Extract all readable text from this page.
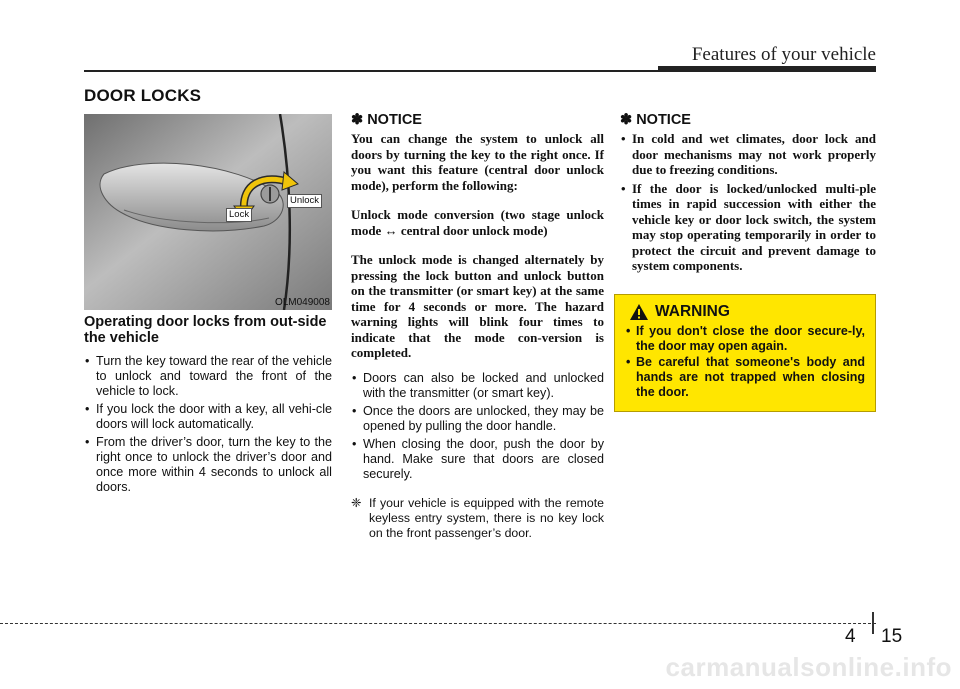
Features of your vehicle
DOOR LOCKS
Lock
Unlock
OLM049008
Operating door locks from out-side the vehicle
• Turn the key toward the rear of the vehicle to unlock and toward the front of the vehicle to lock.
• If you lock the door with a key, all vehi-cle doors will lock automatically.
• From the driver’s door, turn the key to the right once to unlock the driver’s door and once more within 4 seconds to unlock all doors.
✽ NOTICE
You can change the system to unlock all doors by turning the key to the right once. If you want this feature (central door unlock mode), perform the following:
Unlock mode conversion (two stage unlock mode ↔ central door unlock mode)
The unlock mode is changed alternately by pressing the lock button and unlock button on the transmitter (or smart key) at the same time for 4 seconds or more. The hazard warning lights will blink four times to indicate that the mode con-version is completed.
• Doors can also be locked and unlocked with the transmitter (or smart key).
• Once the doors are unlocked, they may be opened by pulling the door handle.
• When closing the door, push the door by hand. Make sure that doors are closed securely.
❈ If your vehicle is equipped with the remote keyless entry system, there is no key lock on the front passenger’s door.
✽ NOTICE
• In cold and wet climates, door lock and door mechanisms may not work properly due to freezing conditions.
• If the door is locked/unlocked multi-ple times in rapid succession with either the vehicle key or door lock switch, the system may stop operating temporarily in order to protect the circuit and prevent damage to system components.
WARNING
• If you don't close the door secure-ly, the door may open again.
• Be careful that someone's body and hands are not trapped when closing the door.
4 15
carmanualsonline.info
